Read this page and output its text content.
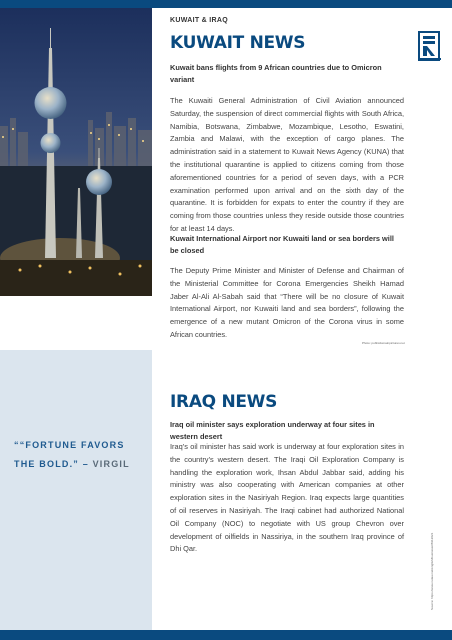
KUWAIT & IRAQ
KUWAIT NEWS

Kuwait bans flights from 9 African countries due to Omicron variant

The Kuwaiti General Administration of Civil Aviation announced Saturday, the suspension of direct commercial flights with South Africa, Namibia, Botswana, Zimbabwe, Mozambique, Lesotho, Eswatini, Zambia and Malawi, with the exception of cargo planes. The administration said in a statement to Kuwait News Agency (KUNA) that the institutional quarantine is applied to citizens coming from those aforementioned countries for a period of seven days, with a PCR examination performed upon arrival and on the sixth day of the quarantine. It is forbidden for expats to enter the country if they are coming from those countries unless they reside outside those countries for at least 14 days.

Kuwait International Airport nor Kuwaiti land or sea borders will be closed

The Deputy Prime Minister and Minister of Defense and Chairman of the Ministerial Committee for Corona Emergencies Sheikh Hamad Jaber Al-Ali Al-Sabah said that “There will be no closure of Kuwait International Airport, nor Kuwaiti land and sea borders”, following the emergence of a new mutant Omicron of the Corona virus in some African countries.

Photo: publicdomainpictures.net
IRAQ NEWS

Iraq oil minister says exploration underway at four sites in western desert

Iraq’s oil minister has said work is underway at four exploration sites in the country’s western desert. The Iraqi Oil Exploration Company is handling the exploration work, Ihsan Abdul Jabbar said, adding his ministry was also cooperating with American companies at other exploration sites in the Nasiriyah Region. Iraq expects large quantities of oil reserves in Nasiriyah. The Iraqi cabinet had authorized National Oil Company (NOC) to negotiate with US group Chevron over development of oilfields in Nassiriya, in the southern Iraq province of Dhi Qar.	Source: https://www.rudaw.net/english/business/28112021
““FORTUNE FAVORS THE BOLD.” – VIRGIL
